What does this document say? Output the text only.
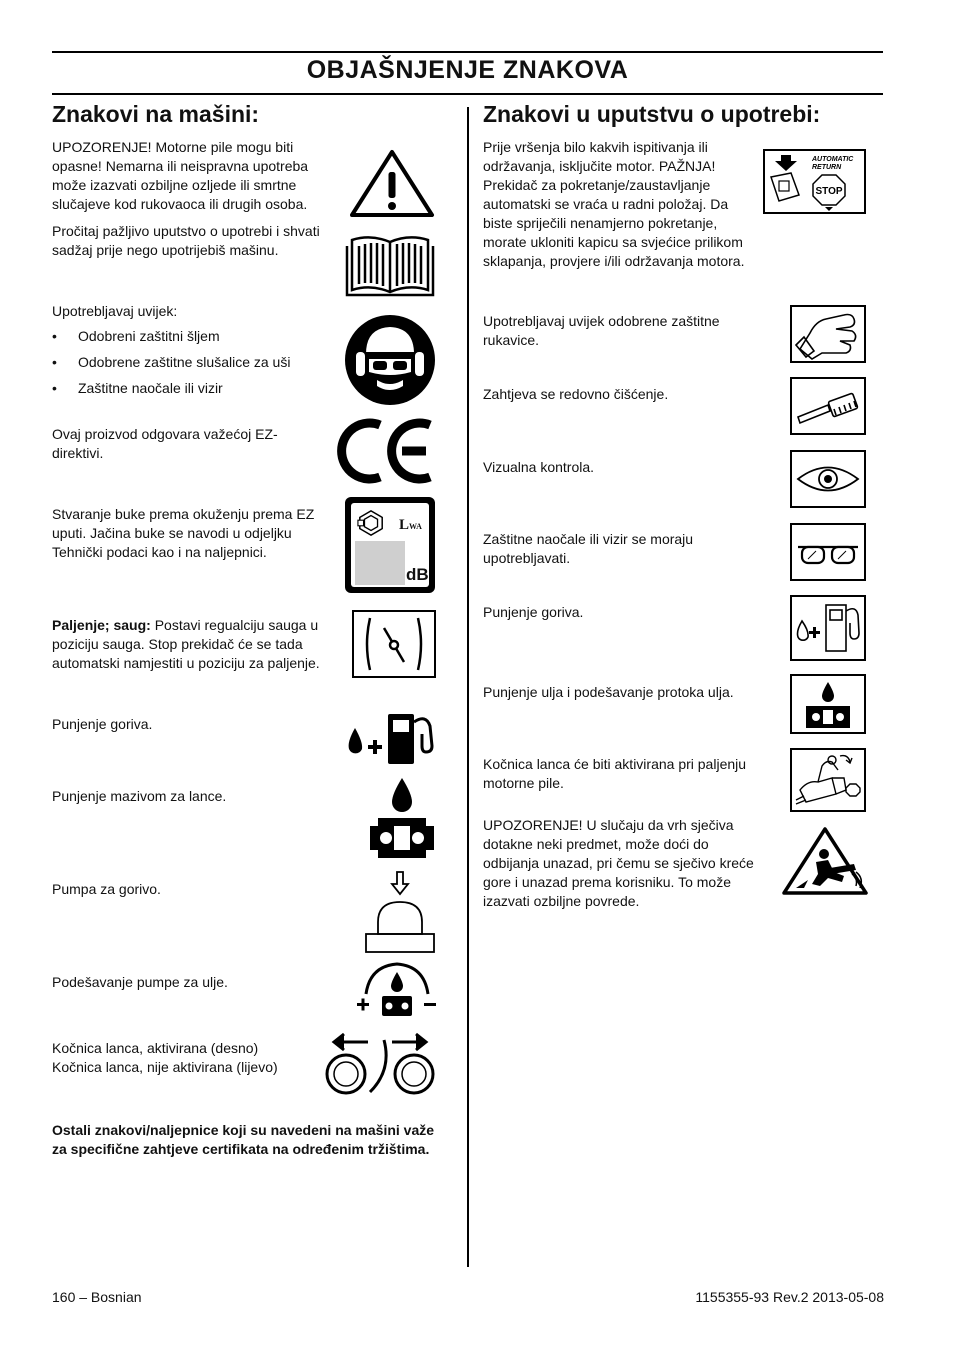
OBJAŠNJENJE ZNAKOVA
Znakovi na mašini:	Znakovi u uputstvu o upotrebi:
UPOZORENJE! Motorne pile mogu biti opasne! Nemarna ili neispravna upotreba može izazvati ozbiljne ozljede ili smrtne slučajeve kod rukovaoca ili drugih osoba.
Pročitaj pažljivo uputstvo o upotrebi i shvati sadžaj prije nego upotrijebiš mašinu.
Upotrebljavaj uvijek:
• Odobreni zaštitni šljem
• Odobrene zaštitne slušalice za uši
• Zaštitne naočale ili vizir
Ovaj proizvod odgovara važećoj EZ-direktivi.
Stvaranje buke prema okuženju prema EZ uputi. Jačina buke se navodi u odjeljku Tehnički podaci kao i na naljepnici.
LWA
dB
Paljenje; saug: Postavi regualciju sauga u poziciju sauga. Stop prekidač će se tada automatski namjestiti u poziciju za paljenje.
Punjenje goriva.
Punjenje mazivom za lance.
Pumpa za gorivo.
Podešavanje pumpe za ulje.

Kočnica lanca, aktivirana (desno)

Kočnica lanca, nije aktivirana (lijevo)

Ostali znakovi/naljepnice koji su navedeni na mašini važe za specifične zahtjeve certifikata na određenim tržištima.
Prije vršenja bilo kakvih ispitivanja ili održavanja, isključite motor. PAŽNJA! Prekidač za pokretanje/zaustavljanje automatski se vraća u radni položaj. Da biste spriječili nenamjerno pokretanje, morate ukloniti kapicu sa svjećice prilikom sklapanja, provjere i/ili održavanja motora.
AUTOMATIC
RETURN
STOP
Upotrebljavaj uvijek odobrene zaštitne rukavice.
Zahtjeva se redovno čišćenje.
Vizualna kontrola.
Zaštitne naočale ili vizir se moraju upotrebljavati.
Punjenje goriva.
Punjenje ulja i podešavanje protoka ulja.
Kočnica lanca će biti aktivirana pri paljenju motorne pile.
UPOZORENJE! U slučaju da vrh sječiva dotakne neki predmet, može doći do odbijanja unazad, pri čemu se sječivo kreće gore i unazad prema korisniku. To može izazvati ozbiljne povrede.
160 – Bosnian	1155355-93 Rev.2 2013-05-08
